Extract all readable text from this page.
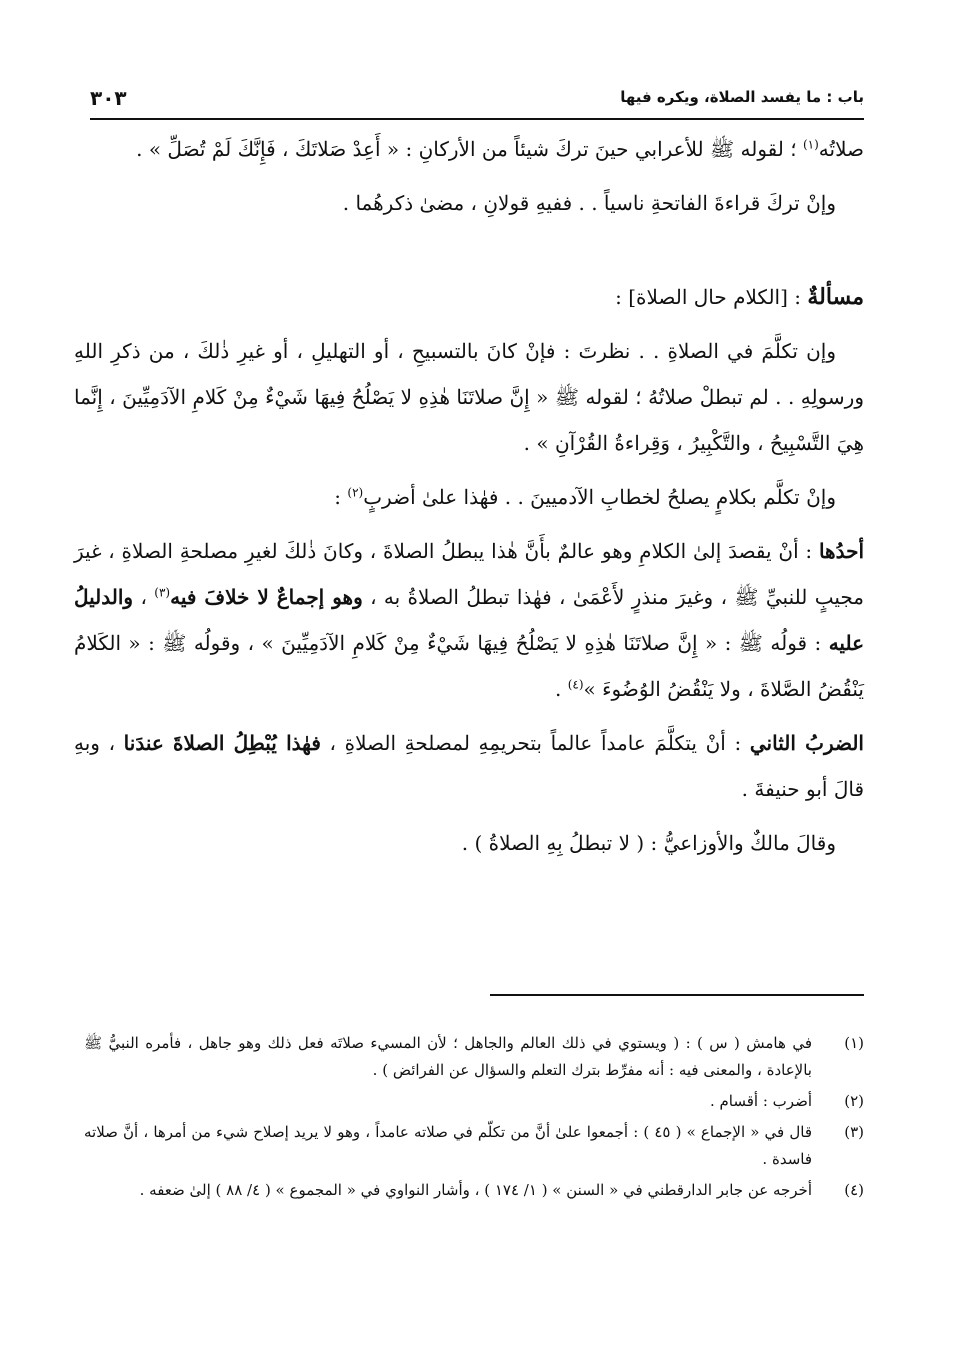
٣٠٣	باب : ما يفسد الصلاة، ويكره فيها

صلاتُه$^{(١)}$ ؛ لقوله ﷺ للأعرابي حينَ تركَ شيئاً من الأركانِ : « أَعِدْ صَلاتَكَ ، فَإِنَّكَ لَمْ تُصَلِّ » .

وإنْ تركَ قراءةَ الفاتحةِ ناسياً . . ففيهِ قولانِ ، مضىٰ ذكرهُما .

مسألةٌ : [الكلام حال الصلاة] :

وإن تكلَّمَ في الصلاةِ . . نظرتَ : فإنْ كانَ بالتسبيحِ ، أو التهليلِ ، أو غيرِ ذٰلكَ ، من ذكرِ اللهِ ورسولِهِ . . لم تبطلْ صلاتُهُ ؛ لقوله ﷺ « إِنَّ صلاتَنَا هٰذِهِ لا يَصْلُحُ فِيهَا شَيْءٌ مِنْ كَلامِ الآدَمِيِّينَ ، إِنَّما هِيَ التَّسْبِيحُ ، والتَّكْبِيرُ ، وَقِراءةُ القُرْآنِ » .

وإنْ تكلَّم بكلامٍ يصلحُ لخطابِ الآدميينَ . . فهٰذا علىٰ أضربٍ$^{(٢)}$ :

أحدُها : أنْ يقصدَ إلىٰ الكلامِ وهو عالمٌ بأَنَّ هٰذا يبطلُ الصلاةَ ، وكانَ ذٰلكَ لغيرِ مصلحةِ الصلاةِ ، غيرَ مجيبٍ للنبيِّ ﷺ ، وغيرَ منذرٍ لأَعْمَىٰ ، فهٰذا تبطلُ الصلاةُ به ، وهو إجماعٌ لا خلافَ فيه$^{(٣)}$ ، والدليلُ عليه : قولُه ﷺ : « إِنَّ صلاتَنَا هٰذِهِ لا يَصْلُحُ فِيهَا شَيْءٌ مِنْ كَلامِ الآدَمِيِّينَ » ، وقولُه ﷺ : « الكَلامُ يَنْقُضُ الصَّلاةَ ، ولا يَنْقُضُ الوُضُوءَ »$^{(٤)}$ .

الضربُ الثاني : أنْ يتكلَّمَ عامداً عالماً بتحريمِهِ لمصلحةِ الصلاةِ ، فهٰذا يُبْطِلُ الصلاةَ عندَنا ، وبهِ قالَ أبو حنيفةَ .

وقالَ مالكٌ والأوزاعيُّ : ( لا تبطلُ بِهِ الصلاةُ ) .

(١)
في هامش ( س ) : ( ويستوي في ذلك العالم والجاهل ؛ لأن المسيء صلاتَه فعل ذلك وهو جاهل ، فأمره النبيُّ ﷺ بالإعادة ، والمعنى فيه : أنه مفرِّط بترك التعلم والسؤال عن الفرائض ) .
(٢)
أضرب : أقسام .
(٣)
قال في « الإجماع » ( ٤٥ ) : أجمعوا علىٰ أنَّ من تكلّم في صلاته عامداً ، وهو لا يريد إصلاح شيء من أمرها ، أنَّ صلاته فاسدة .
(٤)
أخرجه عن جابر الدارقطني في « السنن » ( ١/ ١٧٤ ) ، وأشار النواوي في « المجموع » ( ٤/ ٨٨ ) إلىٰ ضعفه .
